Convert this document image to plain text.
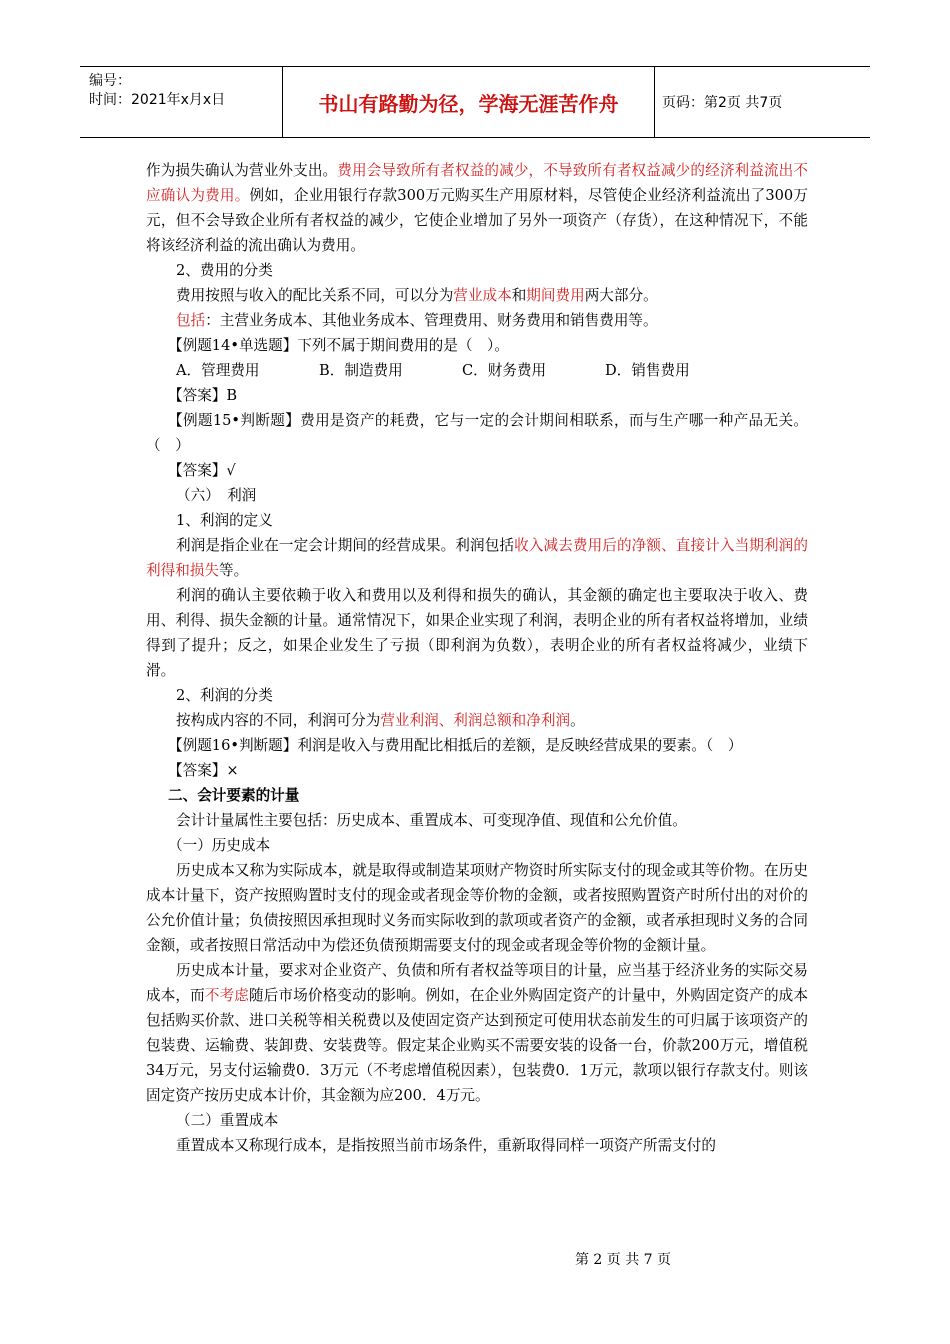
编号：
时间：2021年x月x日	书山有路勤为径，学海无涯苦作舟	页码：第2页 共7页

作为损失确认为营业外支出。费用会导致所有者权益的减少，不导致所有者权益减少的经济利益流出不应确认为费用。例如，企业用银行存款300万元购买生产用原材料，尽管使企业经济利益流出了300万元，但不会导致企业所有者权益的减少，它使企业增加了另外一项资产（存货），在这种情况下，不能将该经济利益的流出确认为费用。

2、费用的分类

费用按照与收入的配比关系不同，可以分为营业成本和期间费用两大部分。

包括：主营业务成本、其他业务成本、管理费用、财务费用和销售费用等。

【例题14•单选题】下列不属于期间费用的是（　）。

A．管理费用	B．制造费用	C．财务费用	D．销售费用

【答案】B

【例题15•判断题】费用是资产的耗费，它与一定的会计期间相联系，而与生产哪一种产品无关。（　）

【答案】√

（六）　利润

1、利润的定义

利润是指企业在一定会计期间的经营成果。利润包括收入减去费用后的净额、直接计入当期利润的利得和损失等。

利润的确认主要依赖于收入和费用以及利得和损失的确认，其金额的确定也主要取决于收入、费用、利得、损失金额的计量。通常情况下，如果企业实现了利润，表明企业的所有者权益将增加，业绩得到了提升；反之，如果企业发生了亏损（即利润为负数），表明企业的所有者权益将减少，业绩下滑。

2、利润的分类

按构成内容的不同，利润可分为营业利润、利润总额和净利润。

【例题16•判断题】利润是收入与费用配比相抵后的差额，是反映经营成果的要素。（　）

【答案】×

二、会计要素的计量

会计计量属性主要包括：历史成本、重置成本、可变现净值、现值和公允价值。

（一）历史成本

历史成本又称为实际成本，就是取得或制造某项财产物资时所实际支付的现金或其等价物。在历史成本计量下，资产按照购置时支付的现金或者现金等价物的金额，或者按照购置资产时所付出的对价的公允价值计量；负债按照因承担现时义务而实际收到的款项或者资产的金额，或者承担现时义务的合同金额，或者按照日常活动中为偿还负债预期需要支付的现金或者现金等价物的金额计量。

历史成本计量，要求对企业资产、负债和所有者权益等项目的计量，应当基于经济业务的实际交易成本，而不考虑随后市场价格变动的影响。例如，在企业外购固定资产的计量中，外购固定资产的成本包括购买价款、进口关税等相关税费以及使固定资产达到预定可使用状态前发生的可归属于该项资产的包装费、运输费、装卸费、安装费等。假定某企业购买不需要安装的设备一台，价款200万元，增值税34万元，另支付运输费0．3万元（不考虑增值税因素），包装费0．1万元，款项以银行存款支付。则该固定资产按历史成本计价，其金额为应200．4万元。

（二）重置成本

重置成本又称现行成本，是指按照当前市场条件，重新取得同样一项资产所需支付的

第 2 页 共 7 页
